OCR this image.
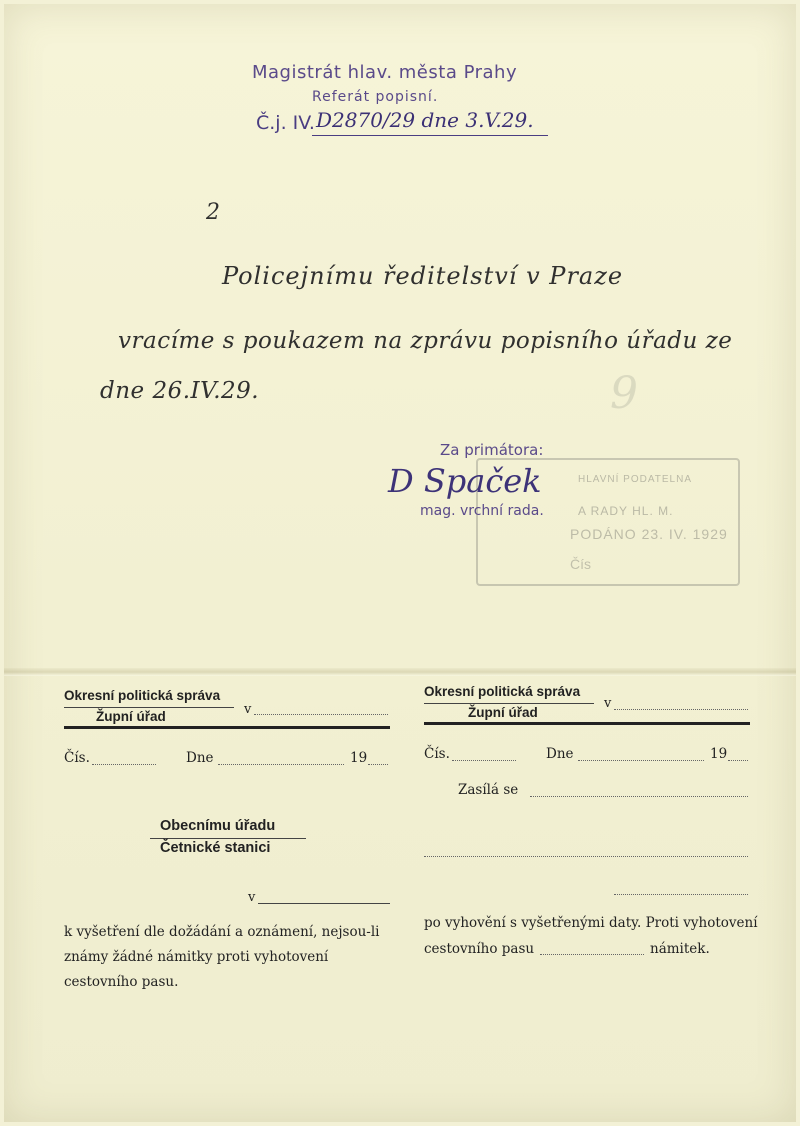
Magistrát hlav. města Prahy
Referát popisní.
Č.j. IV. D2870/29 dne 3.V.29.
2
Policejnímu ředitelství v Praze
vracíme s poukazem na zprávu popisního úřadu ze
dne 26.IV.29.	9
HLAVNÍ PODATELNA
A RADY HL. M.
PODÁNO 23. IV. 1929
Čís
Za primátora:
D Spaček
mag. vrchní rada.
Okresní politická správa
Župní úřad	v
Čís.	Dne	19
Obecnímu úřadu
Četnické stanici
v
k vyšetření dle dožádání a oznámení, nejsou-li známy žádné námitky proti vyhotovení cestovního pasu.
Okresní politická správa
Župní úřad
v
Čís.	Dne	19
Zasílá se
po vyhovění s vyšetřenými daty. Proti vyhotovení
cestovního pasu	námitek.
